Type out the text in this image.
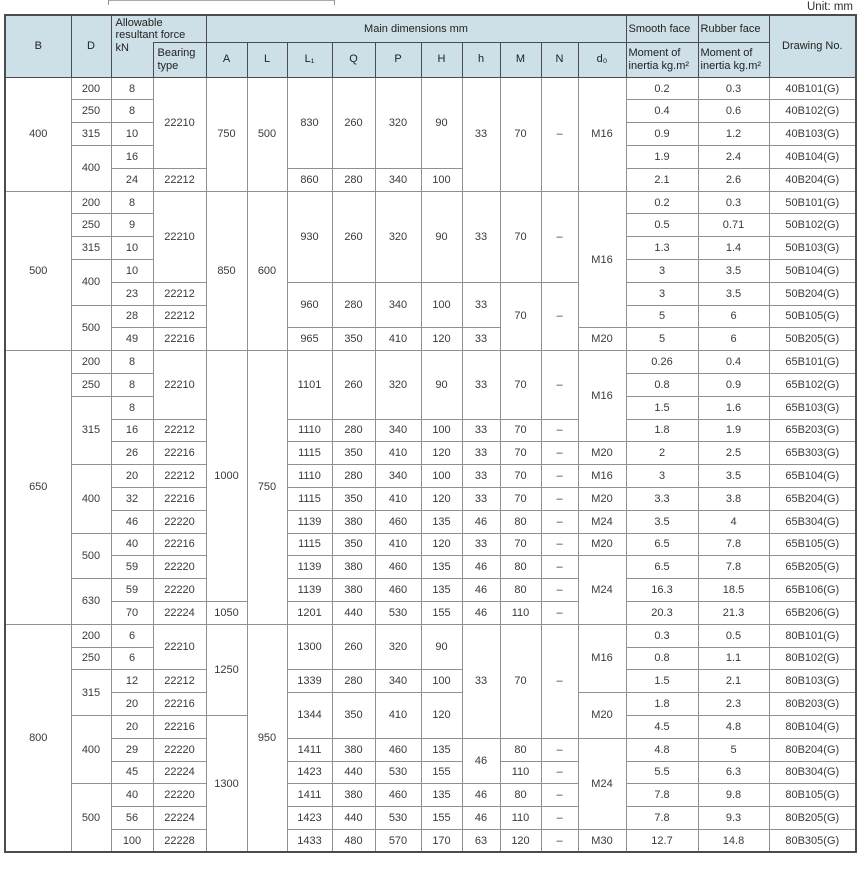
Unit: mm
B	D	Allowable resultant force		Main dimensions mm										Smooth face	Rubber face	Drawing No.
		kN	Bearing type	A	L	L₁	Q	P	H	h	M	N	d₀	Moment of inertia kg.m²	Moment of inertia kg.m²	
400	200	8	22210	750	500	830	260	320	90	33	70	–	M16	0.2	0.3	40B101(G)
	250	8												0.4	0.6	40B102(G)
	315	10												0.9	1.2	40B103(G)
	400	16												1.9	2.4	40B104(G)
		24	22212			860	280	340	100					2.1	2.6	40B204(G)
500	200	8	22210	850	600	930	260	320	90	33	70	–	M16	0.2	0.3	50B101(G)
	250	9												0.5	0.71	50B102(G)
	315	10												1.3	1.4	50B103(G)
	400	10												3	3.5	50B104(G)
		23	22212			960	280	340	100	33	70	–		3	3.5	50B204(G)
	500	28	22212											5	6	50B105(G)
		49	22216			965	350	410	120	33			M20	5	6	50B205(G)
650	200	8	22210	1000	750	1101	260	320	90	33	70	–	M16	0.26	0.4	65B101(G)
	250	8												0.8	0.9	65B102(G)
	315	8												1.5	1.6	65B103(G)
		16	22212			1110	280	340	100	33	70	–		1.8	1.9	65B203(G)
		26	22216			1115	350	410	120	33	70	–	M20	2	2.5	65B303(G)
	400	20	22212			1110	280	340	100	33	70	–	M16	3	3.5	65B104(G)
		32	22216			1115	350	410	120	33	70	–	M20	3.3	3.8	65B204(G)
		46	22220			1139	380	460	135	46	80	–	M24	3.5	4	65B304(G)
	500	40	22216			1115	350	410	120	33	70	–	M20	6.5	7.8	65B105(G)
		59	22220			1139	380	460	135	46	80	–	M24	6.5	7.8	65B205(G)
	630	59	22220			1139	380	460	135	46	80	–		16.3	18.5	65B106(G)
		70	22224	1050		1201	440	530	155	46	110	–		20.3	21.3	65B206(G)
800	200	6	22210	1250	950	1300	260	320	90	33	70	–	M16	0.3	0.5	80B101(G)
	250	6												0.8	1.1	80B102(G)
	315	12	22212			1339	280	340	100					1.5	2.1	80B103(G)
		20	22216			1344	350	410	120				M20	1.8	2.3	80B203(G)
	400	20	22216	1300										4.5	4.8	80B104(G)
		29	22220			1411	380	460	135	46	80	–	M24	4.8	5	80B204(G)
		45	22224			1423	440	530	155		110	–		5.5	6.3	80B304(G)
	500	40	22220			1411	380	460	135	46	80	–		7.8	9.8	80B105(G)
		56	22224			1423	440	530	155	46	110	–		7.8	9.3	80B205(G)
		100	22228			1433	480	570	170	63	120	–	M30	12.7	14.8	80B305(G)
